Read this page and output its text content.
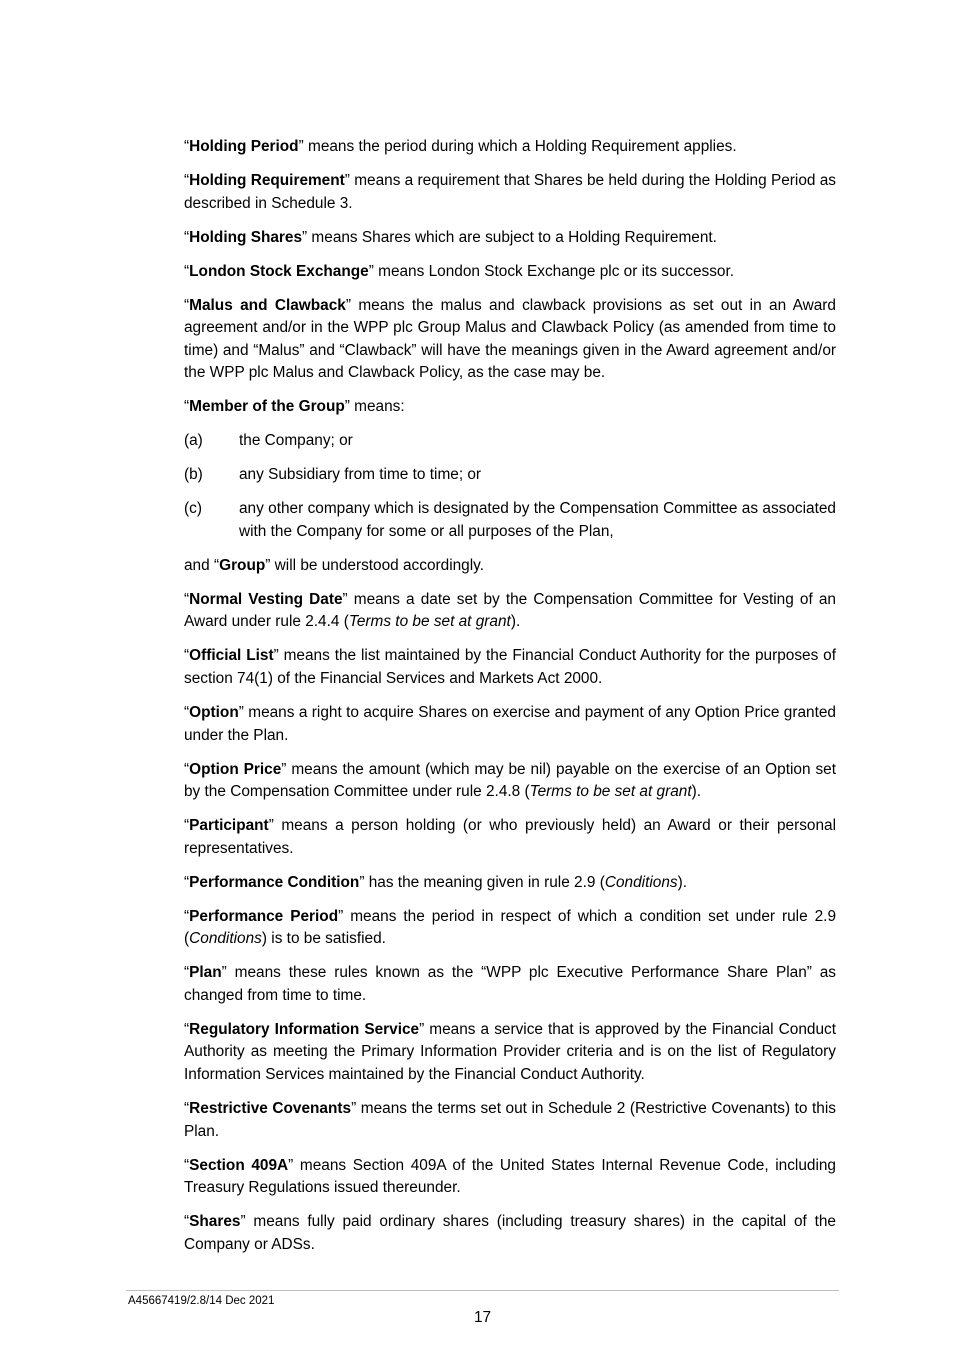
“Holding Period” means the period during which a Holding Requirement applies.

“Holding Requirement” means a requirement that Shares be held during the Holding Period as described in Schedule 3.

“Holding Shares” means Shares which are subject to a Holding Requirement.

“London Stock Exchange” means London Stock Exchange plc or its successor.

“Malus and Clawback” means the malus and clawback provisions as set out in an Award agreement and/or in the WPP plc Group Malus and Clawback Policy (as amended from time to time) and “Malus” and “Clawback” will have the meanings given in the Award agreement and/or the WPP plc Malus and Clawback Policy, as the case may be.

“Member of the Group” means:

(a)	the Company; or
(b)	any Subsidiary from time to time; or
(c)	any other company which is designated by the Compensation Committee as associated with the Company for some or all purposes of the Plan,

and “Group” will be understood accordingly.

“Normal Vesting Date” means a date set by the Compensation Committee for Vesting of an Award under rule 2.4.4 (Terms to be set at grant).

“Official List” means the list maintained by the Financial Conduct Authority for the purposes of section 74(1) of the Financial Services and Markets Act 2000.

“Option” means a right to acquire Shares on exercise and payment of any Option Price granted under the Plan.

“Option Price” means the amount (which may be nil) payable on the exercise of an Option set by the Compensation Committee under rule 2.4.8 (Terms to be set at grant).

“Participant” means a person holding (or who previously held) an Award or their personal representatives.

“Performance Condition” has the meaning given in rule 2.9 (Conditions).

“Performance Period” means the period in respect of which a condition set under rule 2.9 (Conditions) is to be satisfied.

“Plan” means these rules known as the “WPP plc Executive Performance Share Plan” as changed from time to time.

“Regulatory Information Service” means a service that is approved by the Financial Conduct Authority as meeting the Primary Information Provider criteria and is on the list of Regulatory Information Services maintained by the Financial Conduct Authority.

“Restrictive Covenants” means the terms set out in Schedule 2 (Restrictive Covenants) to this Plan.

“Section 409A” means Section 409A of the United States Internal Revenue Code, including Treasury Regulations issued thereunder.

“Shares” means fully paid ordinary shares (including treasury shares) in the capital of the Company or ADSs.

A45667419/2.8/14 Dec 2021
17
